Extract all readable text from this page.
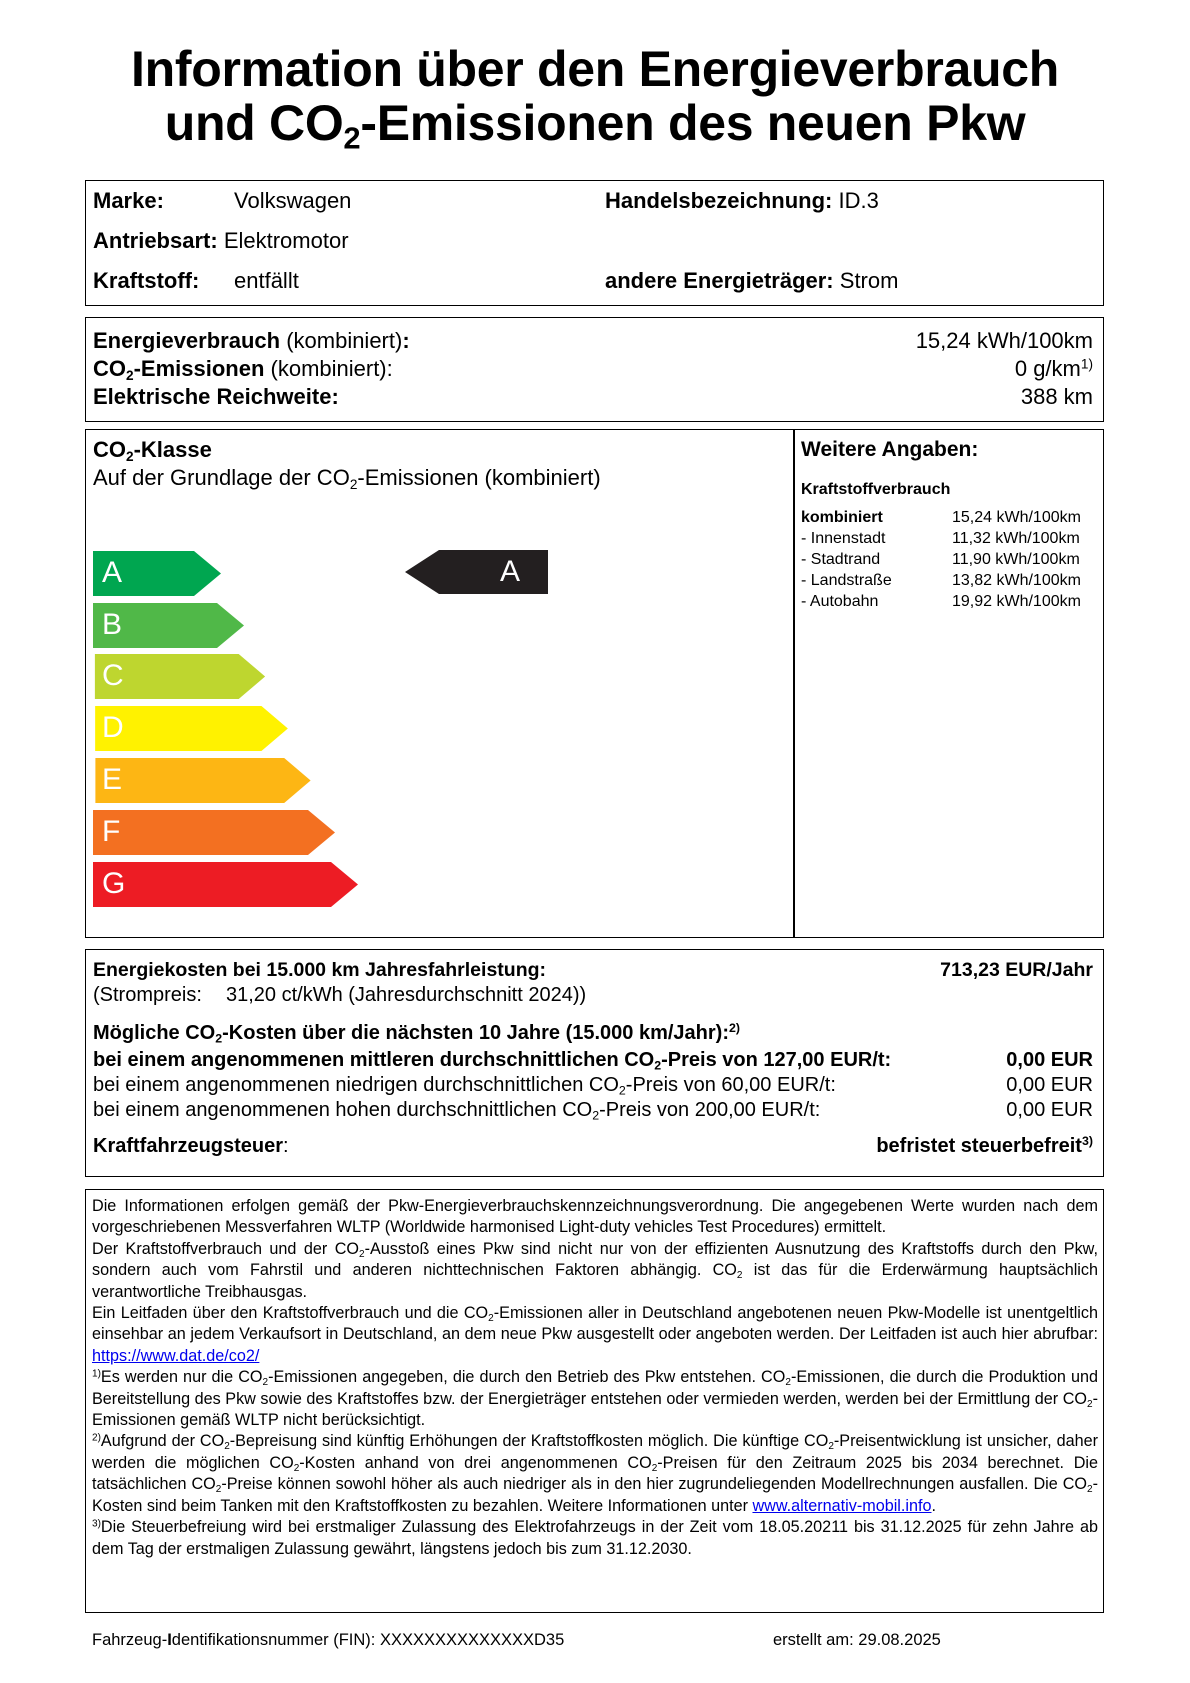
Information über den Energieverbrauch
und $CO_2$-Emissionen des neuen Pkw
Marke:	Volkswagen	Handelsbezeichnung: ID.3
Antriebsart: Elektromotor
Kraftstoff: entfällt	andere Energieträger: Strom
Energieverbrauch (kombiniert):	15,24 kWh/100km
$CO_2$-Emissionen (kombiniert):	0 $g/km^{1)}$
Elektrische Reichweite:	388 km
$CO_2$-Klasse
Auf der Grundlage der $CO_2$-Emissionen (kombiniert)
Weitere Angaben:
Kraftstoffverbrauch
kombiniert	15,24 kWh/100km
- Innenstadt	11,32 kWh/100km
- Stadtrand	11,90 kWh/100km
- Landstraße	13,82 kWh/100km
- Autobahn	19,92 kWh/100km
A
B
C
D
E
F
G
A
Energiekosten bei 15.000 km Jahresfahrleistung:	713,23 EUR/Jahr
(Strompreis: 31,20 ct/kWh (Jahresdurchschnitt 2024))
Mögliche $CO_2$-Kosten über die nächsten 10 Jahre (15.000 km/Jahr):$^{2)}$
bei einem angenommenen mittleren durchschnittlichen $CO_2$-Preis von 127,00 EUR/t:	0,00 EUR
bei einem angenommenen niedrigen durchschnittlichen $CO_2$-Preis von 60,00 EUR/t:	0,00 EUR
bei einem angenommenen hohen durchschnittlichen $CO_2$-Preis von 200,00 EUR/t:	0,00 EUR
Kraftfahrzeugsteuer:	befristet steuerbefreit$^{3)}$

Die Informationen erfolgen gemäß der Pkw-Energieverbrauchskennzeichnungsverordnung. Die angegebenen Werte wurden nach dem vorgeschriebenen Messverfahren WLTP (Worldwide harmonised Light-duty vehicles Test Procedures) ermittelt.

Der Kraftstoffverbrauch und der $CO_2$-Ausstoß eines Pkw sind nicht nur von der effizienten Ausnutzung des Kraftstoffs durch den Pkw, sondern auch vom Fahrstil und anderen nichttechnischen Faktoren abhängig. $CO_2$ ist das für die Erderwärmung hauptsächlich verantwortliche Treibhausgas.

Ein Leitfaden über den Kraftstoffverbrauch und die $CO_2$-Emissionen aller in Deutschland angebotenen neuen Pkw-Modelle ist unentgeltlich einsehbar an jedem Verkaufsort in Deutschland, an dem neue Pkw ausgestellt oder angeboten werden. Der Leitfaden ist auch hier abrufbar: https://www.dat.de/co2/

$^{1)}$Es werden nur die $CO_2$-Emissionen angegeben, die durch den Betrieb des Pkw entstehen. $CO_2$-Emissionen, die durch die Produktion und Bereitstellung des Pkw sowie des Kraftstoffes bzw. der Energieträger entstehen oder vermieden werden, werden bei der Ermittlung der $CO_2$-Emissionen gemäß WLTP nicht berücksichtigt.

$^{2)}$Aufgrund der $CO_2$-Bepreisung sind künftig Erhöhungen der Kraftstoffkosten möglich. Die künftige $CO_2$-Preisentwicklung ist unsicher, daher werden die möglichen $CO_2$-Kosten anhand von drei angenommenen $CO_2$-Preisen für den Zeitraum 2025 bis 2034 berechnet. Die tatsächlichen $CO_2$-Preise können sowohl höher als auch niedriger als in den hier zugrundeliegenden Modellrechnungen ausfallen. Die $CO_2$-Kosten sind beim Tanken mit den Kraftstoffkosten zu bezahlen. Weitere Informationen unter www.alternativ-mobil.info.

$^{3)}$Die Steuerbefreiung wird bei erstmaliger Zulassung des Elektrofahrzeugs in der Zeit vom 18.05.20211 bis 31.12.2025 für zehn Jahre ab dem Tag der erstmaligen Zulassung gewährt, längstens jedoch bis zum 31.12.2030.

Fahrzeug-Identifikationsnummer (FIN): XXXXXXXXXXXXXXD35	erstellt am: 29.08.2025
